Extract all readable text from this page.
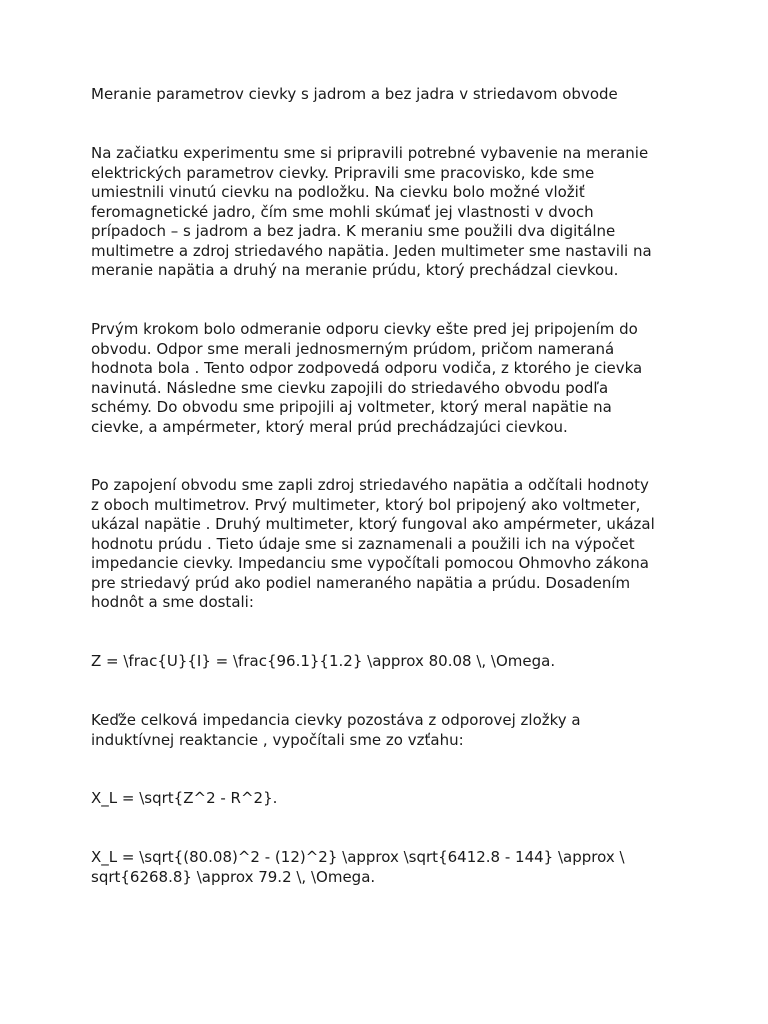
Meranie parametrov cievky s jadrom a bez jadra v striedavom obvode

Na začiatku experimentu sme si pripravili potrebné vybavenie na meranie
elektrických parametrov cievky. Pripravili sme pracovisko, kde sme
umiestnili vinutú cievku na podložku. Na cievku bolo možné vložiť
feromagnetické jadro, čím sme mohli skúmať jej vlastnosti v dvoch
prípadoch – s jadrom a bez jadra. K meraniu sme použili dva digitálne
multimetre a zdroj striedavého napätia. Jeden multimeter sme nastavili na
meranie napätia a druhý na meranie prúdu, ktorý prechádzal cievkou.

Prvým krokom bolo odmeranie odporu cievky ešte pred jej pripojením do
obvodu. Odpor sme merali jednosmerným prúdom, pričom nameraná
hodnota bola . Tento odpor zodpovedá odporu vodiča, z ktorého je cievka
navinutá. Následne sme cievku zapojili do striedavého obvodu podľa
schémy. Do obvodu sme pripojili aj voltmeter, ktorý meral napätie na
cievke, a ampérmeter, ktorý meral prúd prechádzajúci cievkou.

Po zapojení obvodu sme zapli zdroj striedavého napätia a odčítali hodnoty
z oboch multimetrov. Prvý multimeter, ktorý bol pripojený ako voltmeter,
ukázal napätie . Druhý multimeter, ktorý fungoval ako ampérmeter, ukázal
hodnotu prúdu . Tieto údaje sme si zaznamenali a použili ich na výpočet
impedancie cievky. Impedanciu sme vypočítali pomocou Ohmovho zákona
pre striedavý prúd ako podiel nameraného napätia a prúdu. Dosadením
hodnôt a sme dostali:

Z = \frac{U}{I} = \frac{96.1}{1.2} \approx 80.08 \, \Omega.

Keďže celková impedancia cievky pozostáva z odporovej zložky a
induktívnej reaktancie , vypočítali sme zo vzťahu:

X_L = \sqrt{Z^2 - R^2}.

X_L = \sqrt{(80.08)^2 - (12)^2} \approx \sqrt{6412.8 - 144} \approx \
sqrt{6268.8} \approx 79.2 \, \Omega.
